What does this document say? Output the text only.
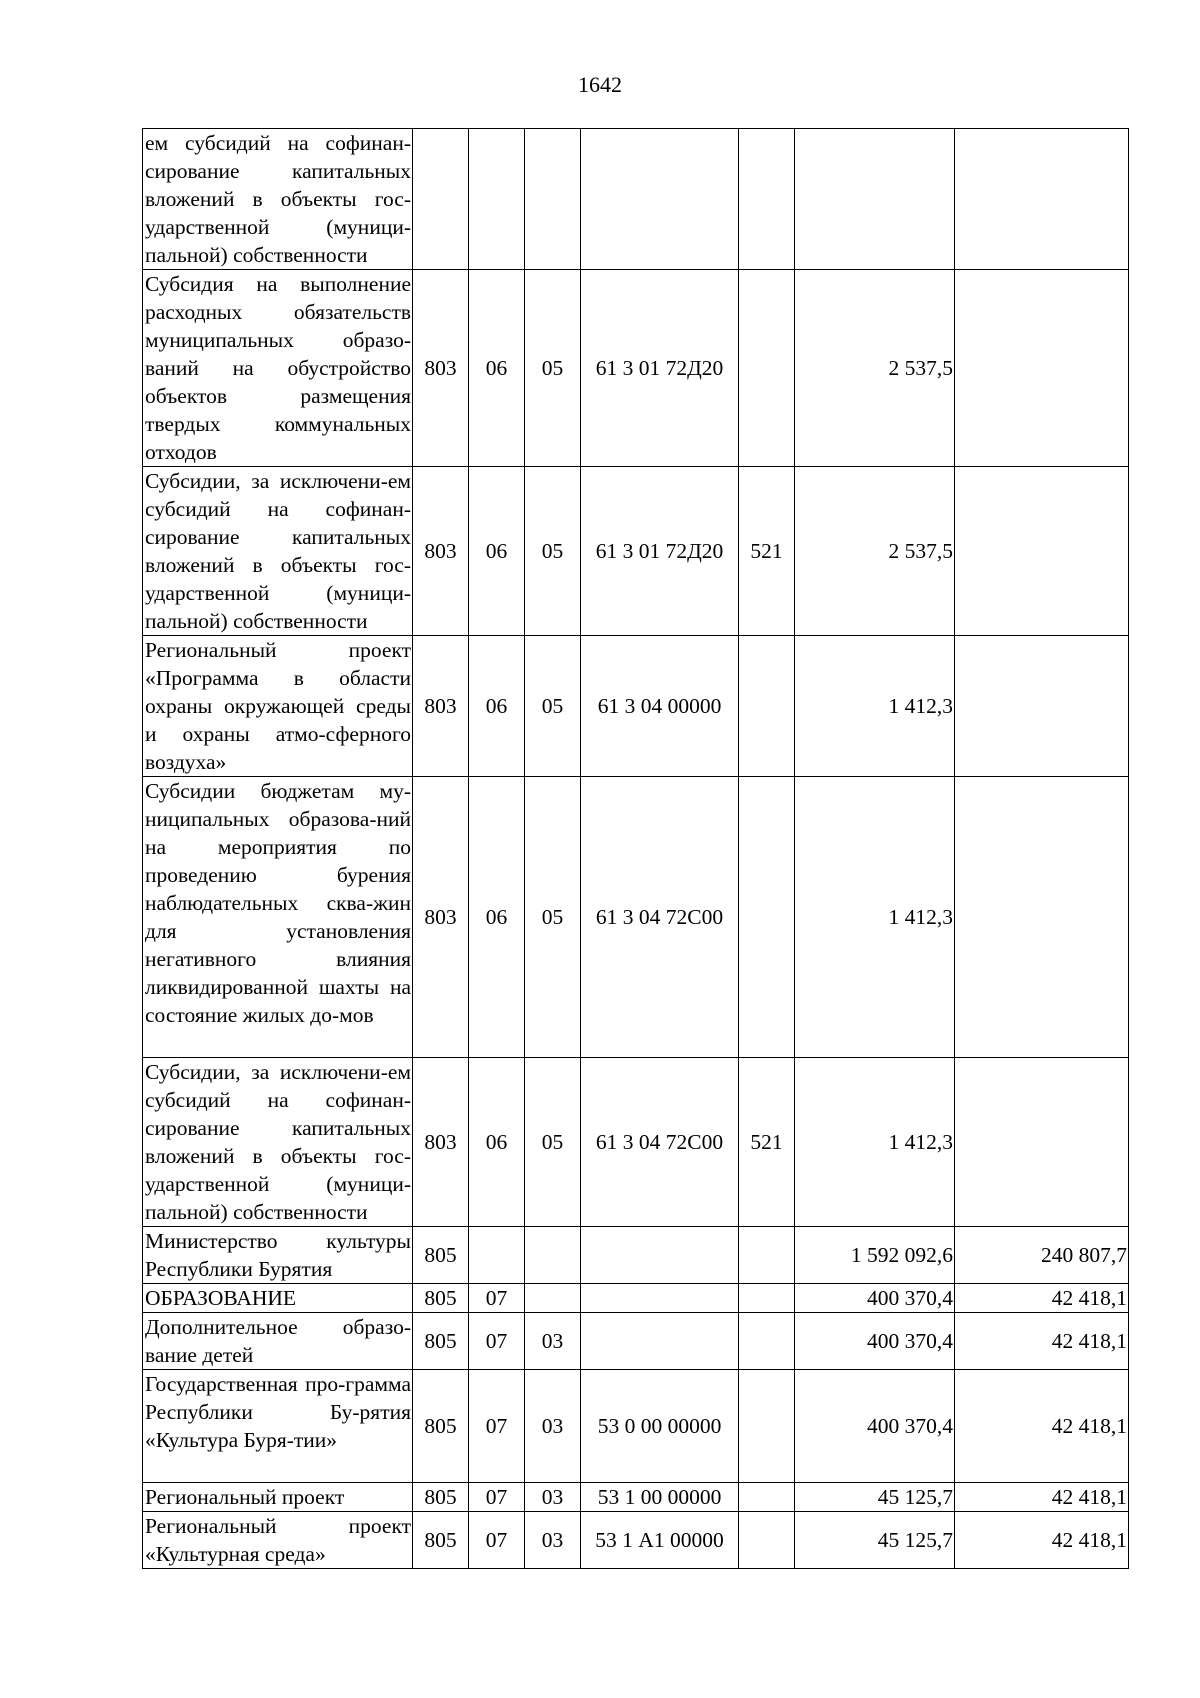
1642
ем субсидий на софинан-сирование капитальных вложений в объекты гос-ударственной (муници-пальной) собственности							
Субсидия на выполнение расходных обязательств муниципальных образо-ваний на обустройство объектов размещения твердых коммунальных отходов	803	06	05	61 3 01 72Д20		2 537,5	
Субсидии, за исключени-ем субсидий на софинан-сирование капитальных вложений в объекты гос-ударственной (муници-пальной) собственности	803	06	05	61 3 01 72Д20	521	2 537,5	
Региональный проект «Программа в области охраны окружающей среды и охраны атмо-сферного воздуха»	803	06	05	61 3 04 00000		1 412,3	
Субсидии бюджетам му-ниципальных образова-ний на мероприятия по проведению бурения наблюдательных сква-жин для установления негативного влияния ликвидированной шахты на состояние жилых до-мов	803	06	05	61 3 04 72С00		1 412,3	
Субсидии, за исключени-ем субсидий на софинан-сирование капитальных вложений в объекты гос-ударственной (муници-пальной) собственности	803	06	05	61 3 04 72С00	521	1 412,3	
Министерство культуры Республики Бурятия	805					1 592 092,6	240 807,7
ОБРАЗОВАНИЕ	805	07				400 370,4	42 418,1
Дополнительное образо-вание детей	805	07	03			400 370,4	42 418,1
Государственная про-грамма Республики Бу-рятия «Культура Буря-тии»	805	07	03	53 0 00 00000		400 370,4	42 418,1
Региональный проект	805	07	03	53 1 00 00000		45 125,7	42 418,1
Региональный проект «Культурная среда»	805	07	03	53 1 А1 00000		45 125,7	42 418,1
